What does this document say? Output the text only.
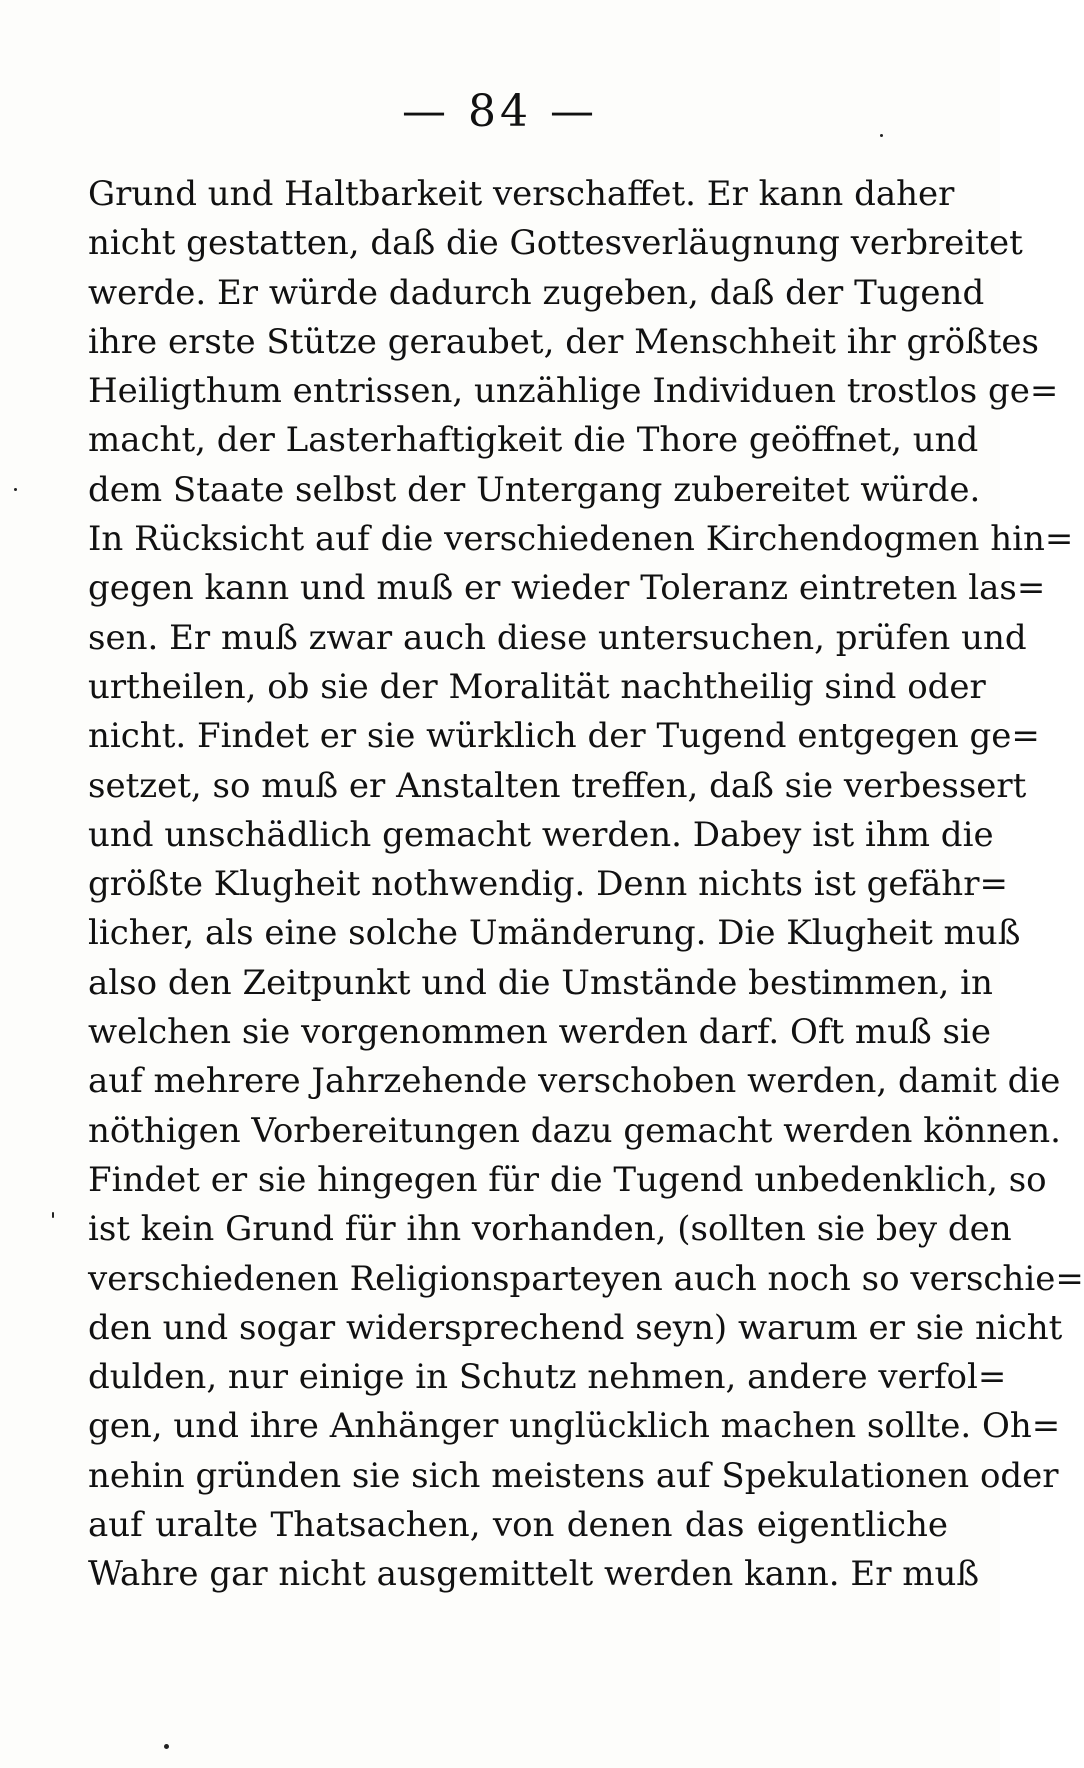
— 84 —
Grund und Haltbarkeit verschaffet. Er kann daher
nicht gestatten, daß die Gottesverläugnung verbreitet
werde. Er würde dadurch zugeben, daß der Tugend
ihre erste Stütze geraubet, der Menschheit ihr größtes
Heiligthum entrissen, unzählige Individuen trostlos ge=
macht, der Lasterhaftigkeit die Thore geöffnet, und
dem Staate selbst der Untergang zubereitet würde.
In Rücksicht auf die verschiedenen Kirchendogmen hin=
gegen kann und muß er wieder Toleranz eintreten las=
sen. Er muß zwar auch diese untersuchen, prüfen und
urtheilen, ob sie der Moralität nachtheilig sind oder
nicht. Findet er sie würklich der Tugend entgegen ge=
setzet, so muß er Anstalten treffen, daß sie verbessert
und unschädlich gemacht werden. Dabey ist ihm die
größte Klugheit nothwendig. Denn nichts ist gefähr=
licher, als eine solche Umänderung. Die Klugheit muß
also den Zeitpunkt und die Umstände bestimmen, in
welchen sie vorgenommen werden darf. Oft muß sie
auf mehrere Jahrzehende verschoben werden, damit die
nöthigen Vorbereitungen dazu gemacht werden können.
Findet er sie hingegen für die Tugend unbedenklich, so
ist kein Grund für ihn vorhanden, (sollten sie bey den
verschiedenen Religionsparteyen auch noch so verschie=
den und sogar widersprechend seyn) warum er sie nicht
dulden, nur einige in Schutz nehmen, andere verfol=
gen, und ihre Anhänger unglücklich machen sollte. Oh=
nehin gründen sie sich meistens auf Spekulationen oder
auf uralte Thatsachen, von denen das eigentliche
Wahre gar nicht ausgemittelt werden kann. Er muß
